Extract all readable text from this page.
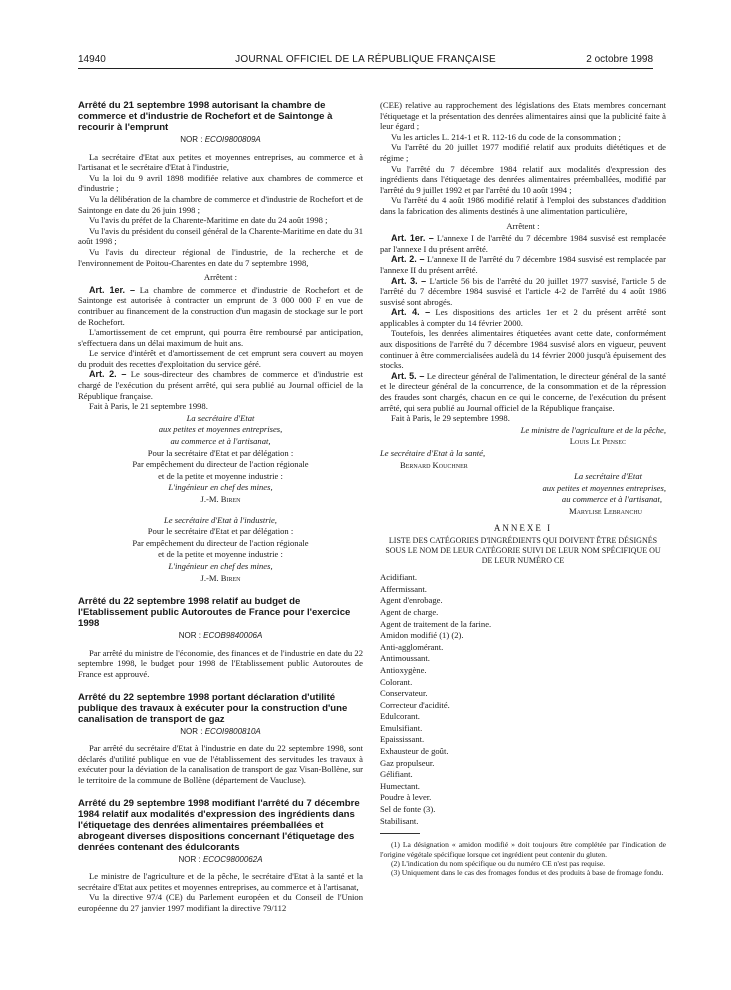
14940	JOURNAL OFFICIEL DE LA RÉPUBLIQUE FRANÇAISE	2 octobre 1998
Arrêté du 21 septembre 1998 autorisant la chambre de commerce et d'industrie de Rochefort et de Saintonge à recourir à l'emprunt
NOR : ECOI9800809A

La secrétaire d'Etat aux petites et moyennes entreprises, au commerce et à l'artisanat et le secrétaire d'Etat à l'industrie,

Vu la loi du 9 avril 1898 modifiée relative aux chambres de commerce et d'industrie ;

Vu la délibération de la chambre de commerce et d'industrie de Rochefort et de Saintonge en date du 26 juin 1998 ;

Vu l'avis du préfet de la Charente-Maritime en date du 24 août 1998 ;

Vu l'avis du président du conseil général de la Charente-Maritime en date du 31 août 1998 ;

Vu l'avis du directeur régional de l'industrie, de la recherche et de l'environnement de Poitou-Charentes en date du 7 septembre 1998,

Arrêtent :

Art. 1er. – La chambre de commerce et d'industrie de Rochefort et de Saintonge est autorisée à contracter un emprunt de 3 000 000 F en vue de contribuer au financement de la construction d'un magasin de stockage sur le port de Rochefort.

L'amortissement de cet emprunt, qui pourra être remboursé par anticipation, s'effectuera dans un délai maximum de huit ans.

Le service d'intérêt et d'amortissement de cet emprunt sera couvert au moyen du produit des recettes d'exploitation du service géré.

Art. 2. – Le sous-directeur des chambres de commerce et d'industrie est chargé de l'exécution du présent arrêté, qui sera publié au Journal officiel de la République française.

Fait à Paris, le 21 septembre 1998.

La secrétaire d'Etat
aux petites et moyennes entreprises,
au commerce et à l'artisanat,
Pour la secrétaire d'Etat et par délégation :
Par empêchement du directeur de l'action régionale
et de la petite et moyenne industrie :
L'ingénieur en chef des mines,
J.-M. Biren
Le secrétaire d'Etat à l'industrie,
Pour le secrétaire d'Etat et par délégation :
Par empêchement du directeur de l'action régionale
et de la petite et moyenne industrie :
L'ingénieur en chef des mines,
J.-M. Biren
Arrêté du 22 septembre 1998 relatif au budget de l'Etablissement public Autoroutes de France pour l'exercice 1998
NOR : ECOB9840006A

Par arrêté du ministre de l'économie, des finances et de l'industrie en date du 22 septembre 1998, le budget pour 1998 de l'Etablissement public Autoroutes de France est approuvé.

Arrêté du 22 septembre 1998 portant déclaration d'utilité publique des travaux à exécuter pour la construction d'une canalisation de transport de gaz
NOR : ECOI9800810A

Par arrêté du secrétaire d'Etat à l'industrie en date du 22 septembre 1998, sont déclarés d'utilité publique en vue de l'établissement des servitudes les travaux à exécuter pour la déviation de la canalisation de transport de gaz Visan-Bollène, sur le territoire de la commune de Bollène (département de Vaucluse).

Arrêté du 29 septembre 1998 modifiant l'arrêté du 7 décembre 1984 relatif aux modalités d'expression des ingrédients dans l'étiquetage des denrées alimentaires préemballées et abrogeant diverses dispositions concernant l'étiquetage des denrées contenant des édulcorants
NOR : ECOC9800062A

Le ministre de l'agriculture et de la pêche, le secrétaire d'Etat à la santé et la secrétaire d'Etat aux petites et moyennes entreprises, au commerce et à l'artisanat,

Vu la directive 97/4 (CE) du Parlement européen et du Conseil de l'Union européenne du 27 janvier 1997 modifiant la directive 79/112

(CEE) relative au rapprochement des législations des Etats membres concernant l'étiquetage et la présentation des denrées alimentaires ainsi que la publicité faite à leur égard ;

Vu les articles L. 214-1 et R. 112-16 du code de la consommation ;

Vu l'arrêté du 20 juillet 1977 modifié relatif aux produits diététiques et de régime ;

Vu l'arrêté du 7 décembre 1984 relatif aux modalités d'expression des ingrédients dans l'étiquetage des denrées alimentaires préemballées, modifié par l'arrêté du 9 juillet 1992 et par l'arrêté du 10 août 1994 ;

Vu l'arrêté du 4 août 1986 modifié relatif à l'emploi des substances d'addition dans la fabrication des aliments destinés à une alimentation particulière,

Arrêtent :

Art. 1er. – L'annexe I de l'arrêté du 7 décembre 1984 susvisé est remplacée par l'annexe I du présent arrêté.

Art. 2. – L'annexe II de l'arrêté du 7 décembre 1984 susvisé est remplacée par l'annexe II du présent arrêté.

Art. 3. – L'article 56 bis de l'arrêté du 20 juillet 1977 susvisé, l'article 5 de l'arrêté du 7 décembre 1984 susvisé et l'article 4-2 de l'arrêté du 4 août 1986 susvisé sont abrogés.

Art. 4. – Les dispositions des articles 1er et 2 du présent arrêté sont applicables à compter du 14 février 2000.

Toutefois, les denrées alimentaires étiquetées avant cette date, conformément aux dispositions de l'arrêté du 7 décembre 1984 susvisé alors en vigueur, peuvent continuer à être commercialisées audelà du 14 février 2000 jusqu'à épuisement des stocks.

Art. 5. – Le directeur général de l'alimentation, le directeur général de la santé et le directeur général de la concurrence, de la consommation et de la répression des fraudes sont chargés, chacun en ce qui le concerne, de l'exécution du présent arrêté, qui sera publié au Journal officiel de la République française.

Fait à Paris, le 29 septembre 1998.

Le ministre de l'agriculture et de la pêche,
Louis Le Pensec
Le secrétaire d'Etat à la santé,
Bernard Kouchner
La secrétaire d'Etat
aux petites et moyennes entreprises,
au commerce et à l'artisanat,
Marylise Lebranchu
ANNEXE I
LISTE DES CATÉGORIES D'INGRÉDIENTS QUI DOIVENT ÊTRE DÉSIGNÉS SOUS LE NOM DE LEUR CATÉGORIE SUIVI DE LEUR NOM SPÉCIFIQUE OU DE LEUR NUMÉRO CE
Acidifiant.
Affermissant.
Agent d'enrobage.
Agent de charge.
Agent de traitement de la farine.
Amidon modifié (1) (2).
Anti-agglomérant.
Antimoussant.
Antioxygène.
Colorant.
Conservateur.
Correcteur d'acidité.
Edulcorant.
Emulsifiant.
Epaississant.
Exhausteur de goût.
Gaz propulseur.
Gélifiant.
Humectant.
Poudre à lever.
Sel de fonte (3).
Stabilisant.

(1) La désignation « amidon modifié » doit toujours être complétée par l'indication de l'origine végétale spécifique lorsque cet ingrédient peut contenir du gluten.

(2) L'indication du nom spécifique ou du numéro CE n'est pas requise.

(3) Uniquement dans le cas des fromages fondus et des produits à base de fromage fondu.
